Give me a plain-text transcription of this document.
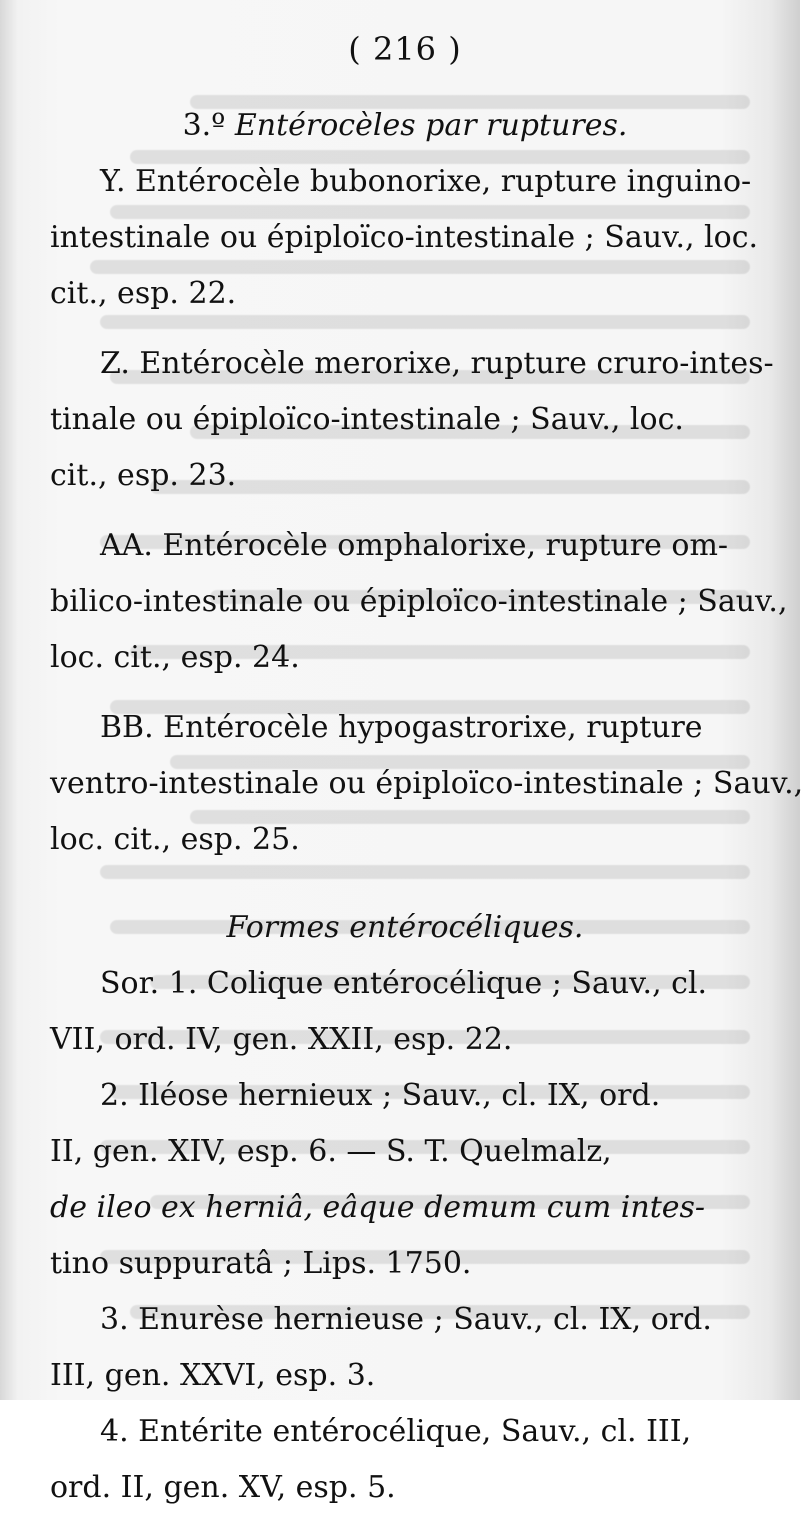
( 216 )
3.º Entérocèles par ruptures.
Y. Entérocèle bubonorixe, rupture inguino-
intestinale ou épiploïco-intestinale ; Sauv., loc.
cit., esp. 22.
Z. Entérocèle merorixe, rupture cruro-intes-
tinale ou épiploïco-intestinale ; Sauv., loc.
cit., esp. 23.
AA. Entérocèle omphalorixe, rupture om-
bilico-intestinale ou épiploïco-intestinale ; Sauv.,
loc. cit., esp. 24.
BB. Entérocèle hypogastrorixe, rupture
ventro-intestinale ou épiploïco-intestinale ; Sauv.,
loc. cit., esp. 25.
Formes entérocéliques.
Sor. 1. Colique entérocélique ; Sauv., cl.
VII, ord. IV, gen. XXII, esp. 22.
2. Iléose hernieux ; Sauv., cl. IX, ord.
II, gen. XIV, esp. 6. — S. T. Quelmalz,
de ileo ex herniâ, eâque demum cum intes-
tino suppuratâ ; Lips. 1750.
3. Enurèse hernieuse ; Sauv., cl. IX, ord.
III, gen. XXVI, esp. 3.
4. Entérite entérocélique, Sauv., cl. III,
ord. II, gen. XV, esp. 5.
